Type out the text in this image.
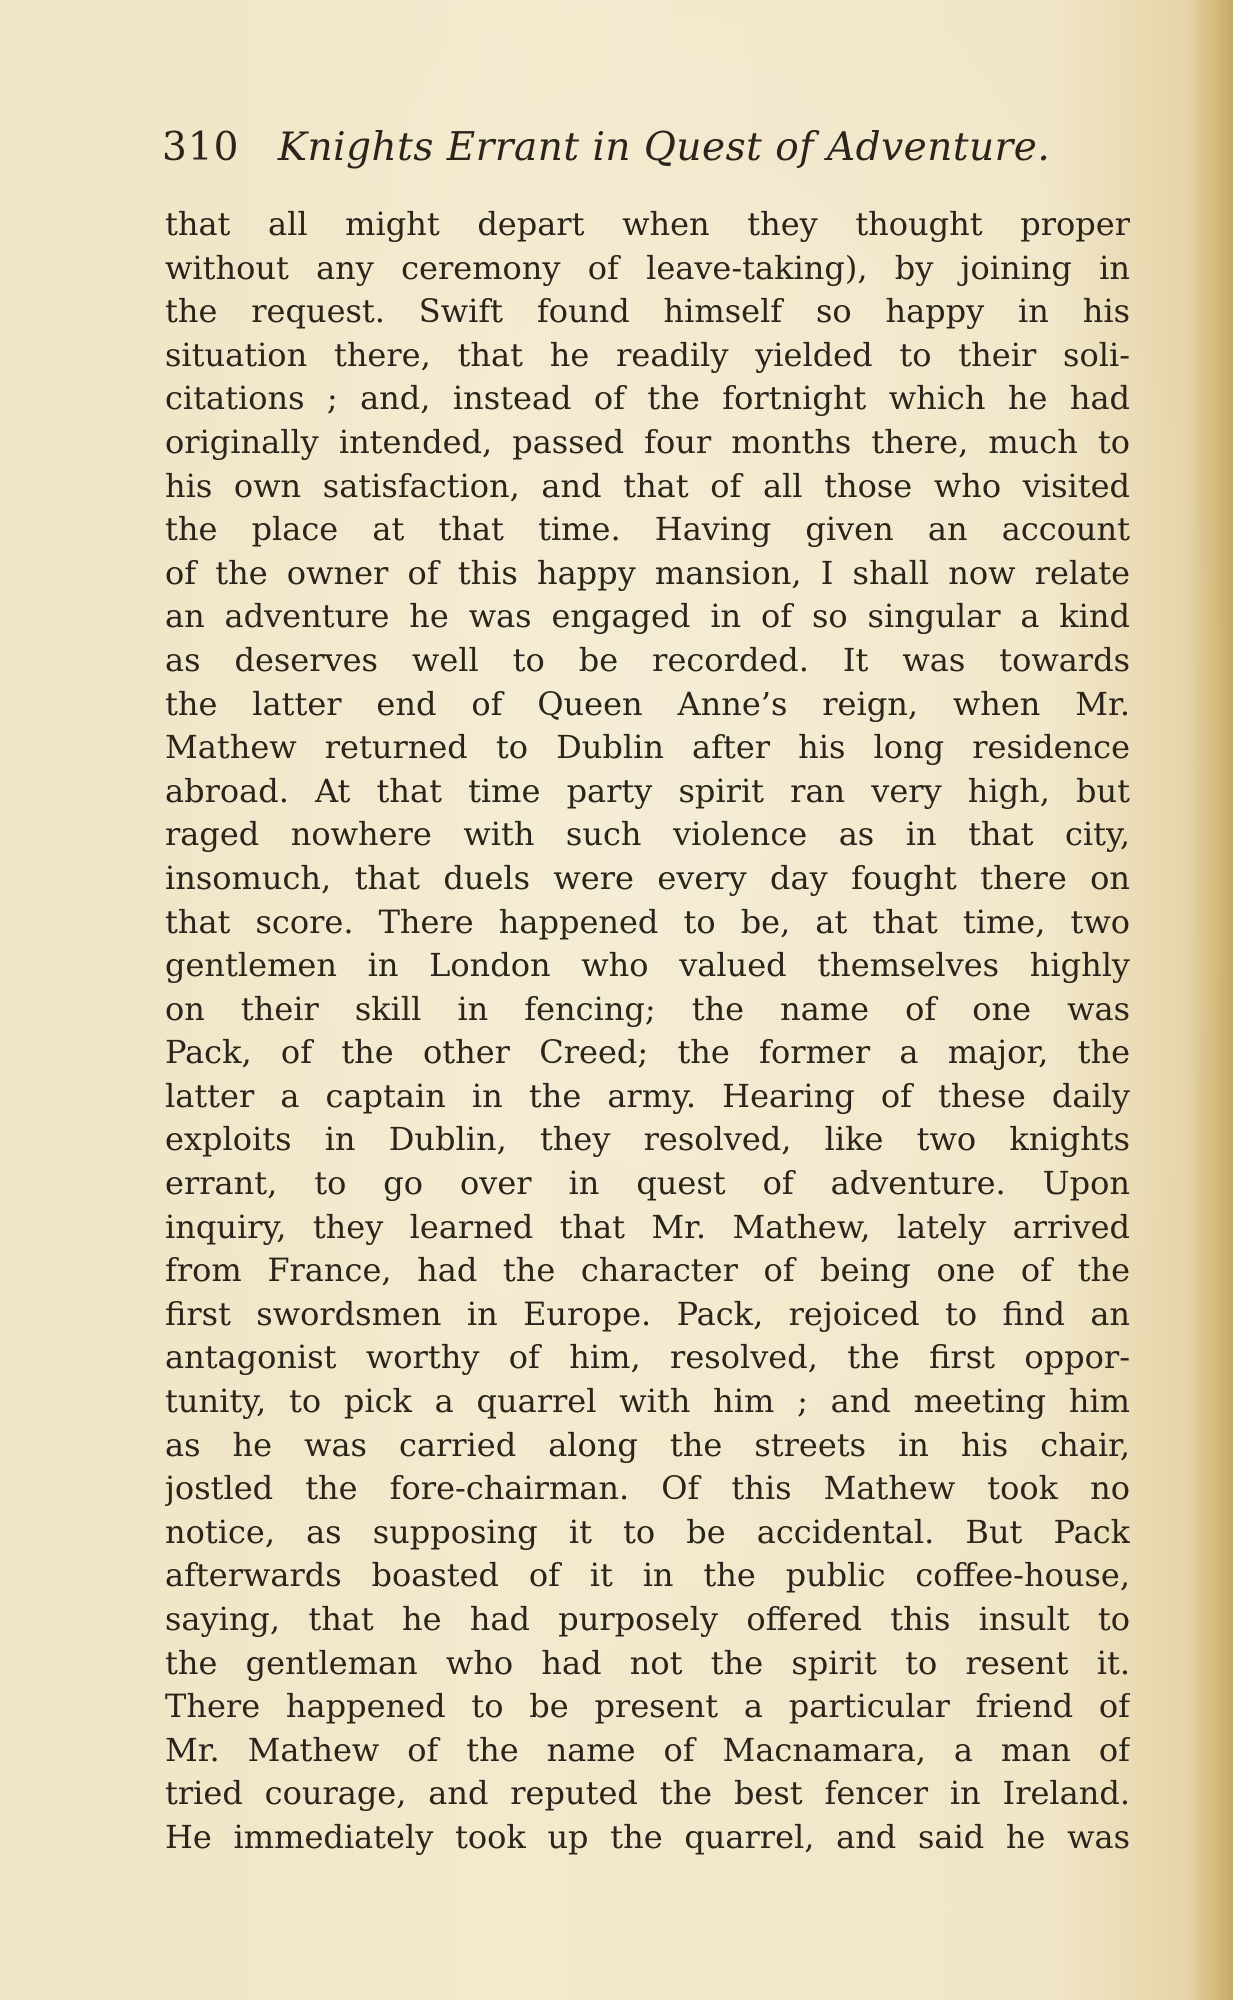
310 Knights Errant in Quest of Adventure.
that all might depart when they thought proper
without any ceremony of leave-taking), by joining in
the request. Swift found himself so happy in his
situation there, that he readily yielded to their soli-
citations ; and, instead of the fortnight which he had
originally intended, passed four months there, much to
his own satisfaction, and that of all those who visited
the place at that time. Having given an account
of the owner of this happy mansion, I shall now relate
an adventure he was engaged in of so singular a kind
as deserves well to be recorded. It was towards
the latter end of Queen Anne’s reign, when Mr.
Mathew returned to Dublin after his long residence
abroad. At that time party spirit ran very high, but
raged nowhere with such violence as in that city,
insomuch, that duels were every day fought there on
that score. There happened to be, at that time, two
gentlemen in London who valued themselves highly
on their skill in fencing; the name of one was
Pack, of the other Creed; the former a major, the
latter a captain in the army. Hearing of these daily
exploits in Dublin, they resolved, like two knights
errant, to go over in quest of adventure. Upon
inquiry, they learned that Mr. Mathew, lately arrived
from France, had the character of being one of the
first swordsmen in Europe. Pack, rejoiced to find an
antagonist worthy of him, resolved, the first oppor-
tunity, to pick a quarrel with him ; and meeting him
as he was carried along the streets in his chair,
jostled the fore-chairman. Of this Mathew took no
notice, as supposing it to be accidental. But Pack
afterwards boasted of it in the public coffee-house,
saying, that he had purposely offered this insult to
the gentleman who had not the spirit to resent it.
There happened to be present a particular friend of
Mr. Mathew of the name of Macnamara, a man of
tried courage, and reputed the best fencer in Ireland.
He immediately took up the quarrel, and said he was
